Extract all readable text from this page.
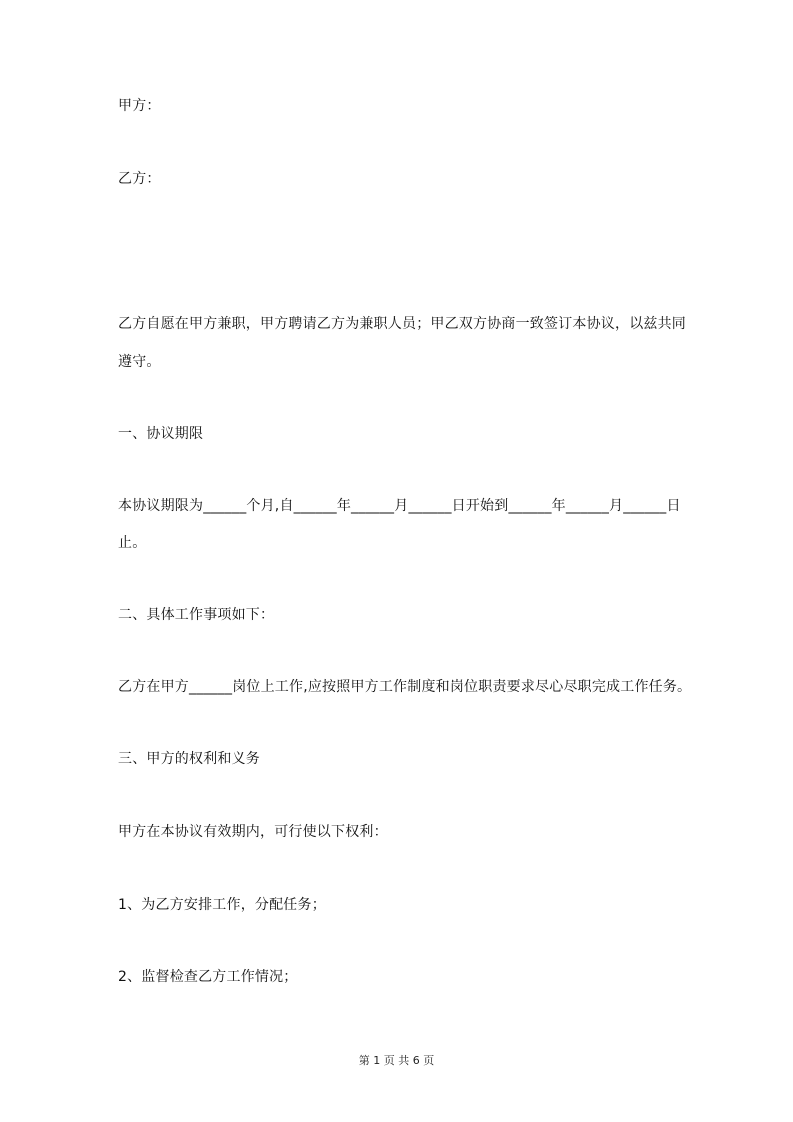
甲方：
乙方：
乙方自愿在甲方兼职，甲方聘请乙方为兼职人员；甲乙双方协商一致签订本协议，以兹共同
遵守。
一、协议期限
本协议期限为______个月,自______年______月______日开始到______年______月______日
止。
二、具体工作事项如下：
乙方在甲方______岗位上工作,应按照甲方工作制度和岗位职责要求尽心尽职完成工作任务。
三、甲方的权利和义务
甲方在本协议有效期内，可行使以下权利：
1、为乙方安排工作，分配任务；
2、监督检查乙方工作情况；
第 1 页 共 6 页
